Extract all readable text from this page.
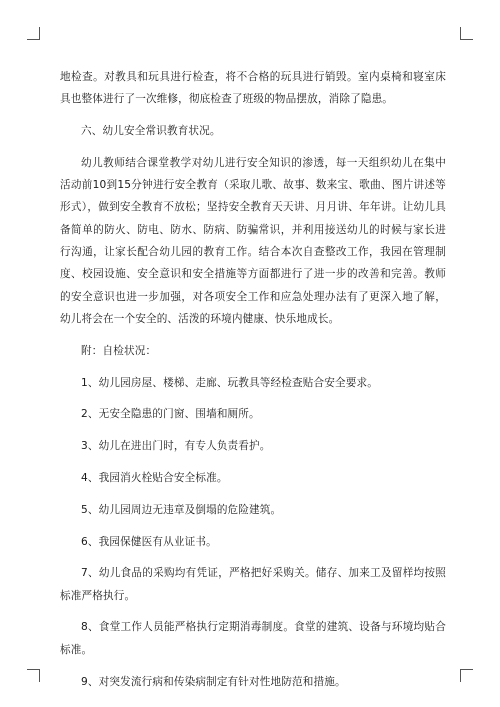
地检查。对教具和玩具进行检查，将不合格的玩具进行销毁。室内桌椅和寝室床具也整体进行了一次维修，彻底检查了班级的物品摆放，消除了隐患。

六、幼儿安全常识教育状况。

幼儿教师结合课堂教学对幼儿进行安全知识的渗透，每一天组织幼儿在集中活动前10到15分钟进行安全教育（采取儿歌、故事、数来宝、歌曲、图片讲述等形式），做到安全教育不放松；坚持安全教育天天讲、月月讲、年年讲。让幼儿具备简单的防火、防电、防水、防病、防骗常识，并利用接送幼儿的时候与家长进行沟通，让家长配合幼儿园的教育工作。结合本次自查整改工作，我园在管理制度、校园设施、安全意识和安全措施等方面都进行了进一步的改善和完善。教师的安全意识也进一步加强，对各项安全工作和应急处理办法有了更深入地了解，幼儿将会在一个安全的、活泼的环境内健康、快乐地成长。

附：自检状况：

1、幼儿园房屋、楼梯、走廊、玩教具等经检查贴合安全要求。

2、无安全隐患的门窗、围墙和厕所。

3、幼儿在进出门时，有专人负责看护。

4、我园消火栓贴合安全标准。

5、幼儿园周边无违章及倒塌的危险建筑。

6、我园保健医有从业证书。

7、幼儿食品的采购均有凭证，严格把好采购关。储存、加来工及留样均按照标准严格执行。

8、食堂工作人员能严格执行定期消毒制度。食堂的建筑、设备与环境均贴合标准。

9、对突发流行病和传染病制定有针对性地防范和措施。
